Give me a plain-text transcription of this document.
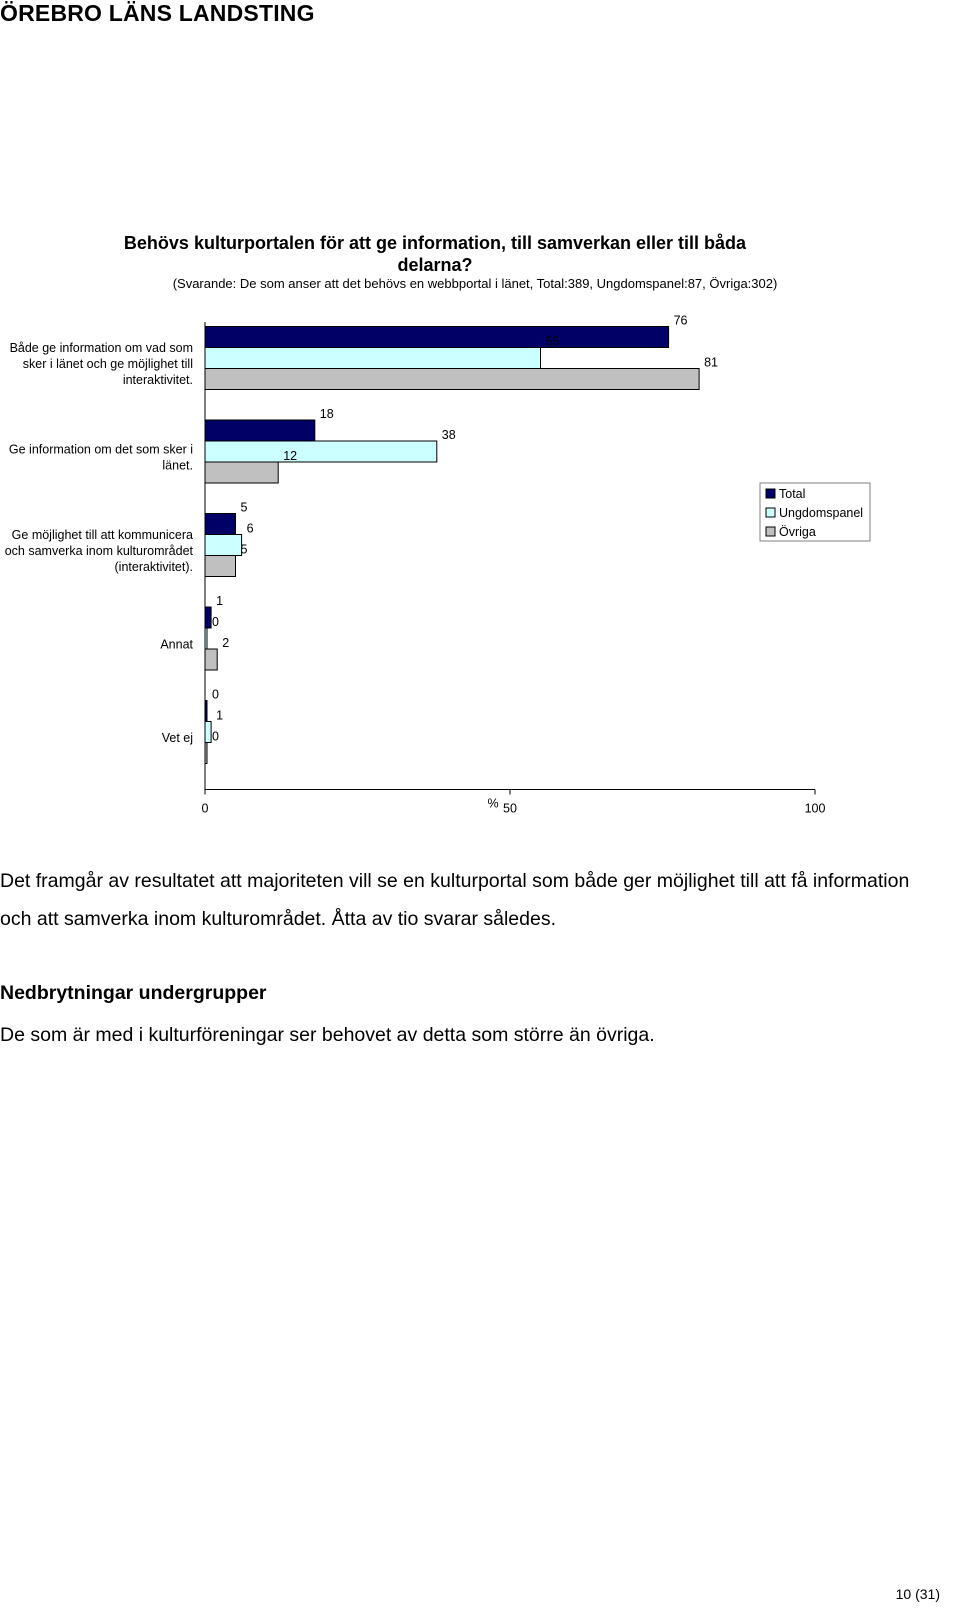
ÖREBRO LÄNS LANDSTING
Behövs kulturportalen för att ge information, till samverkan eller till båda delarna?
(Svarande: De som anser att det behövs en webbportal i länet, Total:389, Ungdomspanel:87, Övriga:302)
76
55
81
Både ge information om vad som
sker i länet och ge möjlighet till
interaktivitet.
18
38
12
Ge information om det som sker i
länet.
5
6
5
Ge möjlighet till att kommunicera
och samverka inom kulturområdet
(interaktivitet).
1
0
2
Annat
0
1
0
Vet ej
0	50	100
%
Total
Ungdomspanel
Övriga
Det framgår av resultatet att majoriteten vill se en kulturportal som både ger möjlighet till att få information och att samverka inom kulturområdet. Åtta av tio svarar således.
Nedbrytningar undergrupper
De som är med i kulturföreningar ser behovet av detta som större än övriga.
10 (31)
